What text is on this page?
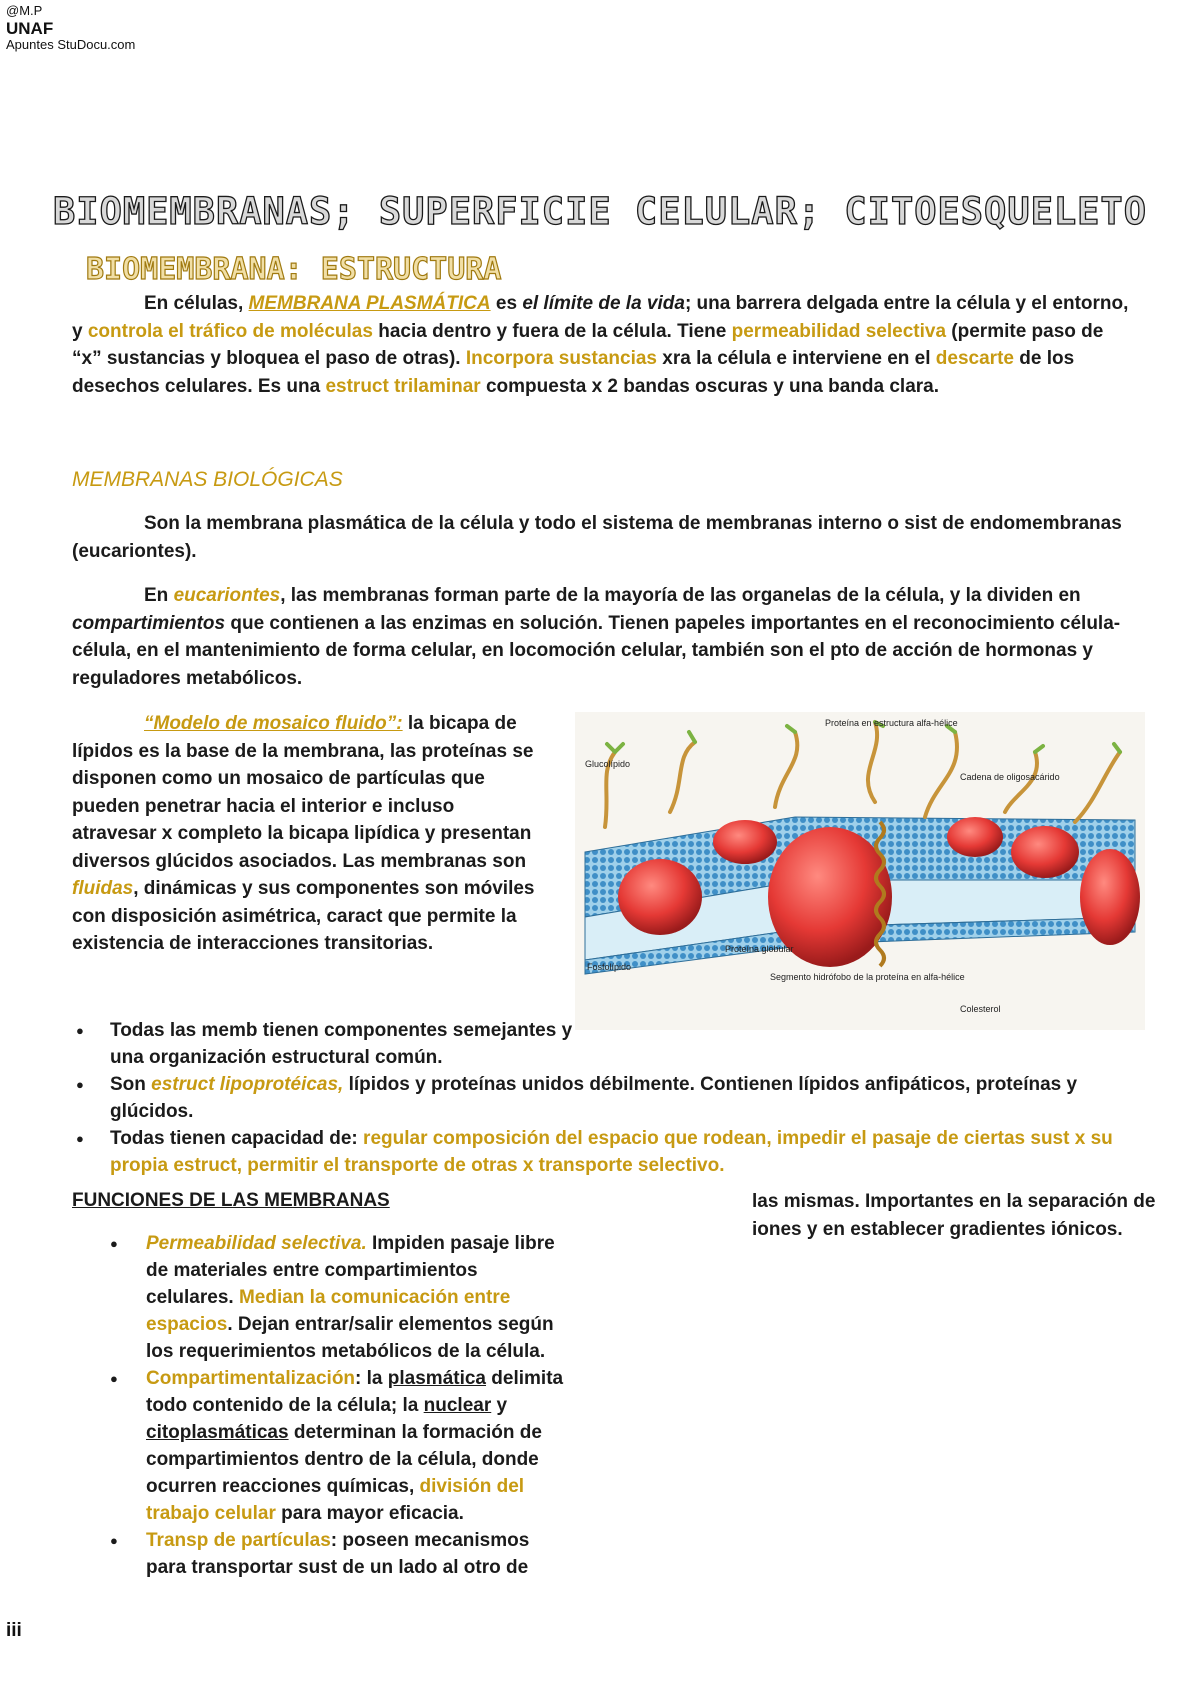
@M.P
UNAF
Apuntes StuDocu.com
BIOMEMBRANAS; SUPERFICIE CELULAR; CITOESQUELETO
BIOMEMBRANA: ESTRUCTURA
En células, MEMBRANA PLASMÁTICA es el límite de la vida; una barrera delgada entre la célula y el entorno, y controla el tráfico de moléculas hacia dentro y fuera de la célula. Tiene permeabilidad selectiva (permite paso de “x” sustancias y bloquea el paso de otras). Incorpora sustancias xra la célula e interviene en el descarte de los desechos celulares. Es una estruct trilaminar compuesta x 2 bandas oscuras y una banda clara.
MEMBRANAS BIOLÓGICAS
Son la membrana plasmática de la célula y todo el sistema de membranas interno o sist de endomembranas (eucariontes).
En eucariontes, las membranas forman parte de la mayoría de las organelas de la célula, y la dividen en compartimientos que contienen a las enzimas en solución. Tienen papeles importantes en el reconocimiento célula-célula, en el mantenimiento de forma celular, en locomoción celular, también son el pto de acción de hormonas y reguladores metabólicos.
“Modelo de mosaico fluido”: la bicapa de lípidos es la base de la membrana, las proteínas se disponen como un mosaico de partículas que pueden penetrar hacia el interior e incluso atravesar x completo la bicapa lipídica y presentan diversos glúcidos asociados. Las membranas son fluidas, dinámicas y sus componentes son móviles con disposición asimétrica, caract que permite la existencia de interacciones transitorias.
Glucolípido
Proteína en estructura alfa-hélice
Cadena de oligosacárido
Fosfolípido
Proteína globular
Segmento hidrófobo de la proteína en alfa-hélice
Colesterol
● Todas las memb tienen componentes semejantes y una organización estructural común.
● Son estruct lipoprotéicas, lípidos y proteínas unidos débilmente. Contienen lípidos anfipáticos, proteínas y glúcidos.
● Todas tienen capacidad de: regular composición del espacio que rodean, impedir el pasaje de ciertas sust x su propia estruct, permitir el transporte de otras x transporte selectivo.
FUNCIONES DE LAS MEMBRANAS
● Permeabilidad selectiva. Impiden pasaje libre de materiales entre compartimientos celulares. Median la comunicación entre espacios. Dejan entrar/salir elementos según los requerimientos metabólicos de la célula.
● Compartimentalización: la plasmática delimita todo contenido de la célula; la nuclear y citoplasmáticas determinan la formación de compartimientos dentro de la célula, donde ocurren reacciones químicas, división del trabajo celular para mayor eficacia.
● Transp de partículas: poseen mecanismos para transportar sust de un lado al otro de
las mismas. Importantes en la separación de iones y en establecer gradientes iónicos.
iii
